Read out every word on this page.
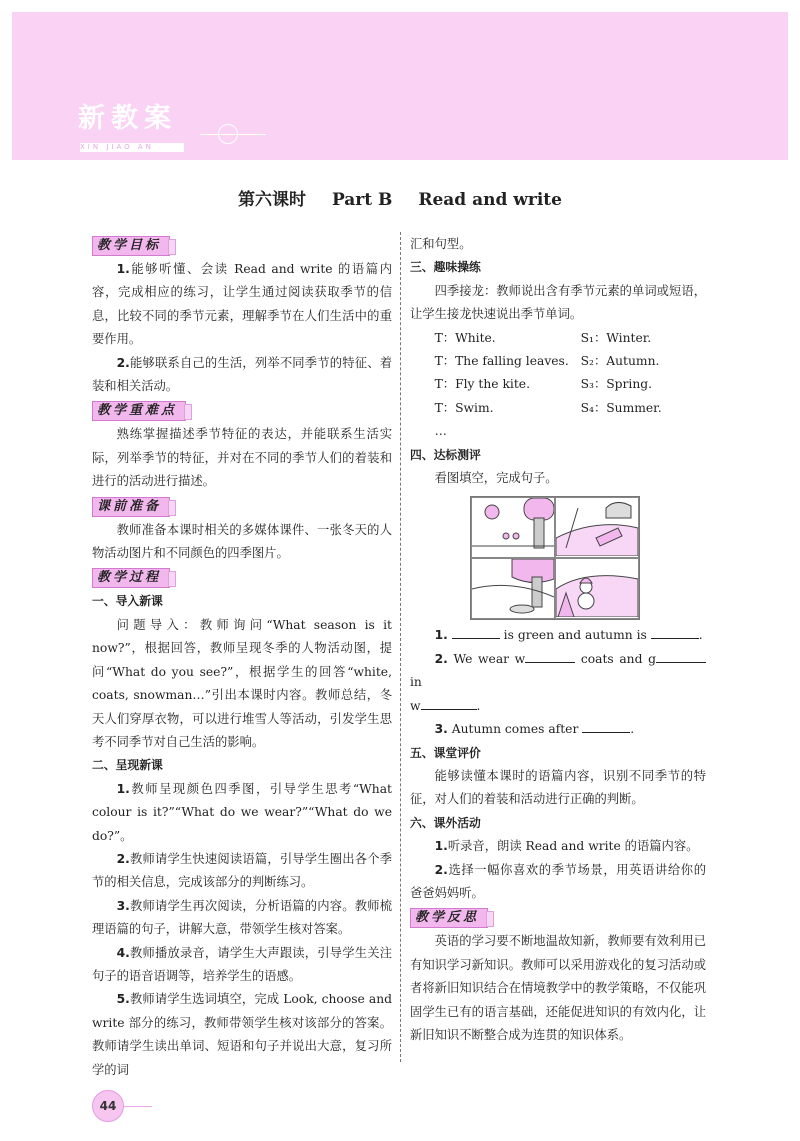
新教案
XIN JIAO AN
第六课时 Part B Read and write
教学目标

1.能够听懂、会读 Read and write 的语篇内容，完成相应的练习，让学生通过阅读获取季节的信息，比较不同的季节元素，理解季节在人们生活中的重要作用。

2.能够联系自己的生活，列举不同季节的特征、着装和相关活动。

教学重难点

熟练掌握描述季节特征的表达，并能联系生活实际，列举季节的特征，并对在不同的季节人们的着装和进行的活动进行描述。

课前准备

教师准备本课时相关的多媒体课件、一张冬天的人物活动图片和不同颜色的四季图片。

教学过程
一、导入新课

问题导入：教师询问“What season is it now?”，根据回答，教师呈现冬季的人物活动图，提问“What do you see?”，根据学生的回答“white, coats, snowman…”引出本课时内容。教师总结，冬天人们穿厚衣物，可以进行堆雪人等活动，引发学生思考不同季节对自己生活的影响。

二、呈现新课

1.教师呈现颜色四季图，引导学生思考“What colour is it?”“What do we wear?”“What do we do?”。

2.教师请学生快速阅读语篇，引导学生圈出各个季节的相关信息，完成该部分的判断练习。

3.教师请学生再次阅读，分析语篇的内容。教师梳理语篇的句子，讲解大意，带领学生核对答案。

4.教师播放录音，请学生大声跟读，引导学生关注句子的语音语调等，培养学生的语感。

5.教师请学生选词填空，完成 Look, choose and write 部分的练习，教师带领学生核对该部分的答案。教师请学生读出单词、短语和句子并说出大意，复习所学的词

汇和句型。

三、趣味操练

四季接龙：教师说出含有季节元素的单词或短语，让学生接龙快速说出季节单词。

T：White.	S₁：Winter.
T：The falling leaves. S₂：Autumn.
T：Fly the kite.	S₃：Spring.
T：Swim.	S₄：Summer.
…
四、达标测评

看图填空，完成句子。

1.	is green and autumn is	.

2. We wear w	coats and g in
w	.

3. Autumn comes after	.

五、课堂评价

能够读懂本课时的语篇内容，识别不同季节的特征，对人们的着装和活动进行正确的判断。

六、课外活动

1.听录音，朗读 Read and write 的语篇内容。

2.选择一幅你喜欢的季节场景，用英语讲给你的爸爸妈妈听。

教学反思

英语的学习要不断地温故知新，教师要有效利用已有知识学习新知识。教师可以采用游戏化的复习活动或者将新旧知识结合在情境教学中的教学策略，不仅能巩固学生已有的语言基础，还能促进知识的有效内化，让新旧知识不断整合成为连贯的知识体系。

44
